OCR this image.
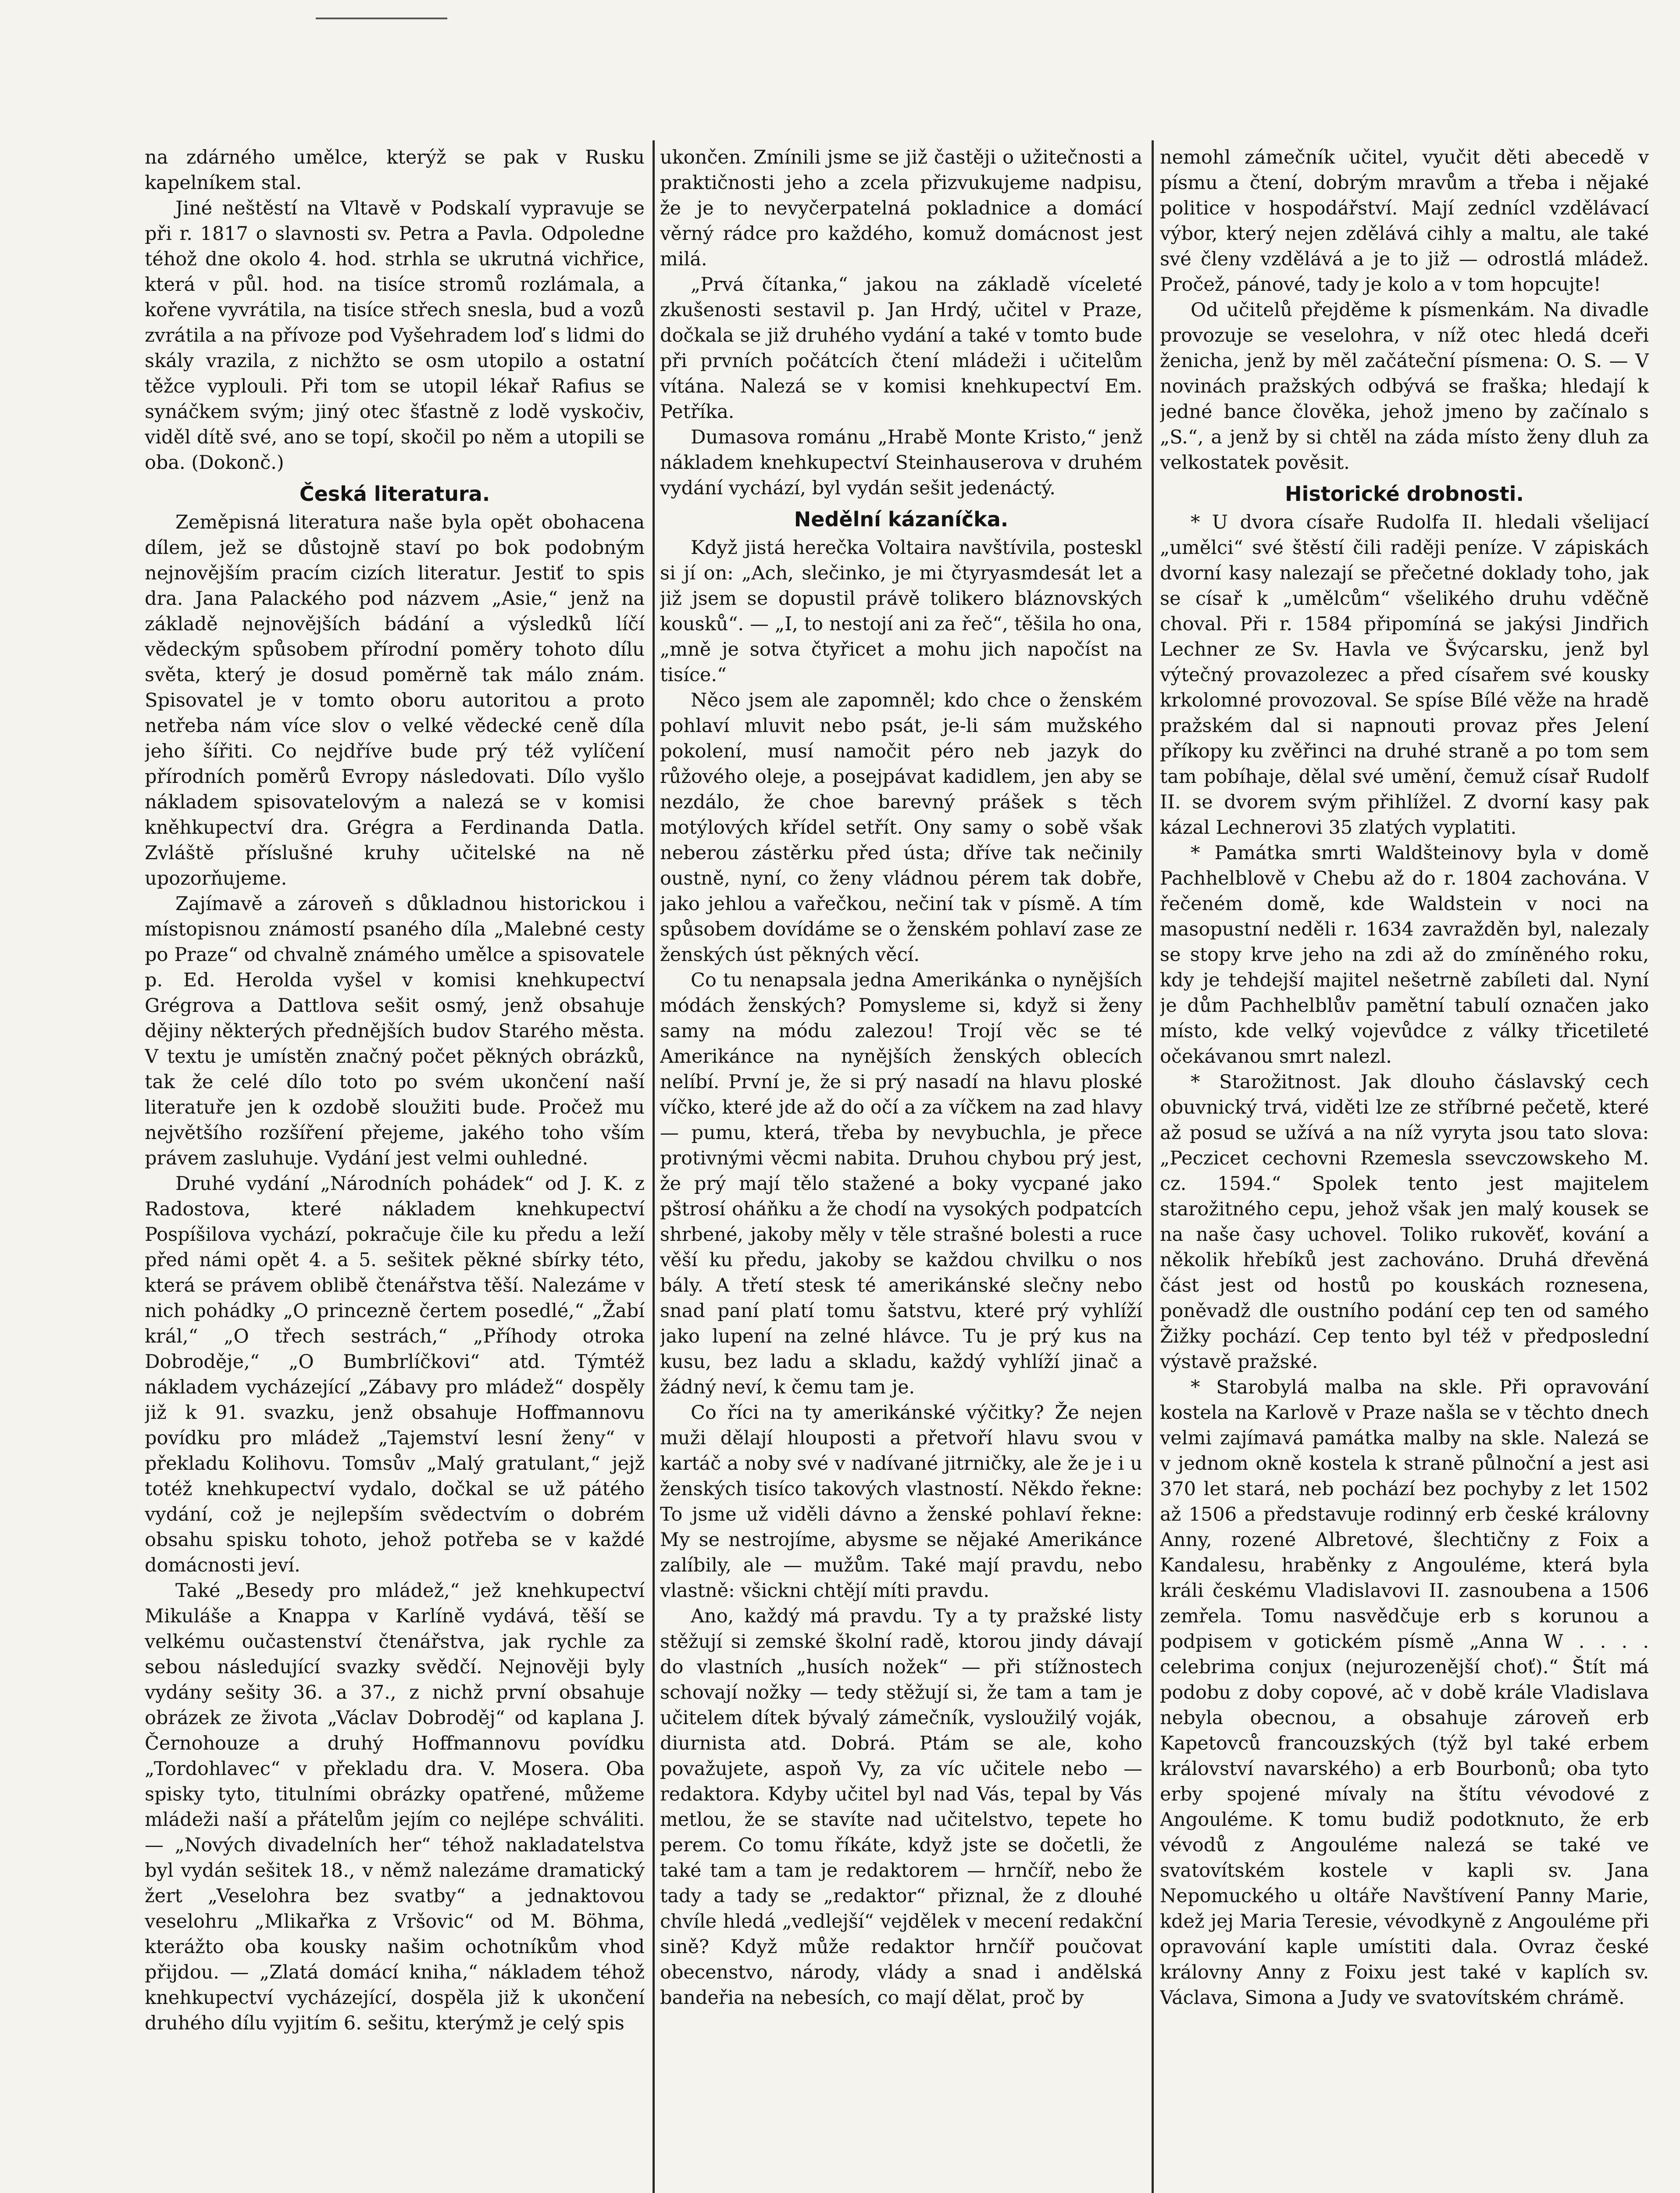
na zdárného umělce, kterýž se pak v Rusku kapelníkem stal.

Jiné neštěstí na Vltavě v Podskalí vypravuje se při r. 1817 o slavnosti sv. Petra a Pavla. Odpoledne téhož dne okolo 4. hod. strhla se ukrutná vichřice, která v půl. hod. na tisíce stromů rozlámala, a kořene vyvrátila, na tisíce střech snesla, bud a vozů zvrátila a na přívoze pod Vyšehradem loď s lidmi do skály vrazila, z nichžto se osm utopilo a ostatní těžce vyplouli. Při tom se utopil lékař Rafius se synáčkem svým; jiný otec šťastně z lodě vyskočiv, viděl dítě své, ano se topí, skočil po něm a utopili se oba. (Dokonč.)

Česká literatura.

Zeměpisná literatura naše byla opět obohacena dílem, jež se důstojně staví po bok podobným nejnovějším pracím cizích literatur. Jestiť to spis dra. Jana Palackého pod názvem „Asie,“ jenž na základě nejnovějších bádání a výsledků líčí vědeckým spůsobem přírodní poměry tohoto dílu světa, který je dosud poměrně tak málo znám. Spisovatel je v tomto oboru autoritou a proto netřeba nám více slov o velké vědecké ceně díla jeho šířiti. Co nejdříve bude prý též vylíčení přírodních poměrů Evropy následovati. Dílo vyšlo nákladem spisovatelovým a nalezá se v komisi kněhkupectví dra. Grégra a Ferdinanda Datla. Zvláště příslušné kruhy učitelské na ně upozorňujeme.

Zajímavě a zároveň s důkladnou historickou i místopisnou známostí psaného díla „Malebné cesty po Praze“ od chvalně známého umělce a spisovatele p. Ed. Herolda vyšel v komisi knehkupectví Grégrova a Dattlova sešit osmý, jenž obsahuje dějiny některých přednějších budov Starého města. V textu je umístěn značný počet pěkných obrázků, tak že celé dílo toto po svém ukončení naší literatuře jen k ozdobě sloužiti bude. Pročež mu největšího rozšíření přejeme, jakého toho vším právem zasluhuje. Vydání jest velmi ouhledné.

Druhé vydání „Národních pohádek“ od J. K. z Radostova, které nákladem knehkupectví Pospíšilova vychází, pokračuje čile ku předu a leží před námi opět 4. a 5. sešitek pěkné sbírky této, která se právem oblibě čtenářstva těší. Nalezáme v nich pohádky „O princezně čertem posedlé,“ „Žabí král,“ „O třech sestrách,“ „Příhody otroka Dobroděje,“ „O Bumbrlíčkovi“ atd. Týmtéž nákladem vycházející „Zábavy pro mládež“ dospěly již k 91. svazku, jenž obsahuje Hoffmannovu povídku pro mládež „Tajemství lesní ženy“ v překladu Kolihovu. Tomsův „Malý gratulant,“ jejž totéž knehkupectví vydalo, dočkal se už pátého vydání, což je nejlepším svědectvím o dobrém obsahu spisku tohoto, jehož potřeba se v každé domácnosti jeví.

Také „Besedy pro mládež,“ jež knehkupectví Mikuláše a Knappa v Karlíně vydává, těší se velkému oučastenství čtenářstva, jak rychle za sebou následující svazky svědčí. Nejnověji byly vydány sešity 36. a 37., z nichž první obsahuje obrázek ze života „Václav Dobroděj“ od kaplana J. Černohouze a druhý Hoffmannovu povídku „Tordohlavec“ v překladu dra. V. Mosera. Oba spisky tyto, titulními obrázky opatřené, můžeme mládeži naší a přátelům jejím co nejlépe schváliti. — „Nových divadelních her“ téhož nakladatelstva byl vydán sešitek 18., v němž nalezáme dramatický žert „Veselohra bez svatby“ a jednaktovou veselohru „Mlikařka z Vršovic“ od M. Böhma, kterážto oba kousky našim ochotníkům vhod přijdou. — „Zlatá domácí kniha,“ nákladem téhož knehkupectví vycházející, dospěla již k ukončení druhého dílu vyjitím 6. sešitu, kterýmž je celý spis

ukončen. Zmínili jsme se již častěji o užitečnosti a praktičnosti jeho a zcela přizvukujeme nadpisu, že je to nevyčerpatelná pokladnice a domácí věrný rádce pro každého, komuž domácnost jest milá.

„Prvá čítanka,“ jakou na základě víceleté zkušenosti sestavil p. Jan Hrdý, učitel v Praze, dočkala se již druhého vydání a také v tomto bude při prvních počátcích čtení mládeži i učitelům vítána. Nalezá se v komisi knehkupectví Em. Petříka.

Dumasova románu „Hrabě Monte Kristo,“ jenž nákladem knehkupectví Steinhauserova v druhém vydání vychází, byl vydán sešit jedenáctý.

Nedělní kázaníčka.

Když jistá herečka Voltaira navštívila, posteskl si jí on: „Ach, slečinko, je mi čtyryasmdesát let a již jsem se dopustil právě tolikero bláznovských kousků“. — „I, to nestojí ani za řeč“, těšila ho ona, „mně je sotva čtyřicet a mohu jich napočíst na tisíce.“

Něco jsem ale zapomněl; kdo chce o ženském pohlaví mluvit nebo psát, je-li sám mužského pokolení, musí namočit péro neb jazyk do růžového oleje, a posejpávat kadidlem, jen aby se nezdálo, že choe barevný prášek s těch motýlových křídel setřít. Ony samy o sobě však neberou zástěrku před ústa; dříve tak nečinily oustně, nyní, co ženy vládnou pérem tak dobře, jako jehlou a vařečkou, nečiní tak v písmě. A tím spůsobem dovídáme se o ženském pohlaví zase ze ženských úst pěkných věcí.

Co tu nenapsala jedna Amerikánka o nynějších módách ženských? Pomysleme si, když si ženy samy na módu zalezou! Trojí věc se té Amerikánce na nynějších ženských oblecích nelíbí. První je, že si prý nasadí na hlavu ploské víčko, které jde až do očí a za víčkem na zad hlavy — pumu, která, třeba by nevybuchla, je přece protivnými věcmi nabita. Druhou chybou prý jest, že prý mají tělo stažené a boky vycpané jako pštrosí oháňku a že chodí na vysokých podpatcích shrbené, jakoby měly v těle strašné bolesti a ruce věší ku předu, jakoby se každou chvilku o nos bály. A třetí stesk té amerikánské slečny nebo snad paní platí tomu šatstvu, které prý vyhlíží jako lupení na zelné hlávce. Tu je prý kus na kusu, bez ladu a skladu, každý vyhlíží jinač a žádný neví, k čemu tam je.

Co říci na ty amerikánské výčitky? Že nejen muži dělají hlouposti a přetvoří hlavu svou v kartáč a noby své v nadívané jitrničky, ale že je i u ženských tisíco takových vlastností. Někdo řekne: To jsme už viděli dávno a ženské pohlaví řekne: My se nestrojíme, abysme se nějaké Amerikánce zalíbily, ale — mužům. Také mají pravdu, nebo vlastně: všickni chtějí míti pravdu.

Ano, každý má pravdu. Ty a ty pražské listy stěžují si zemské školní radě, ktorou jindy dávají do vlastních „husích nožek“ — při stížnostech schovají nožky — tedy stěžují si, že tam a tam je učitelem dítek bývalý zámečník, vysloužilý voják, diurnista atd. Dobrá. Ptám se ale, koho považujete, aspoň Vy, za víc učitele nebo — redaktora. Kdyby učitel byl nad Vás, tepal by Vás metlou, že se stavíte nad učitelstvo, tepete ho perem. Co tomu říkáte, když jste se dočetli, že také tam a tam je redaktorem — hrnčíř, nebo že tady a tady se „redaktor“ přiznal, že z dlouhé chvíle hledá „vedlejší“ vejdělek v mecení redakční sině? Když může redaktor hrnčíř poučovat obecenstvo, národy, vlády a snad i andělská bandeřia na nebesích, co mají dělat, proč by

nemohl zámečník učitel, vyučit děti abecedě v písmu a čtení, dobrým mravům a třeba i nějaké politice v hospodářství. Mají zednícl vzdělávací výbor, který nejen zdělává cihly a maltu, ale také své členy vzdělává a je to již — odrostlá mládež. Pročež, pánové, tady je kolo a v tom hopcujte!

Od učitelů přejděme k písmenkám. Na divadle provozuje se veselohra, v níž otec hledá dceři ženicha, jenž by měl začáteční písmena: O. S. — V novinách pražských odbývá se fraška; hledají k jedné bance člověka, jehož jmeno by začínalo s „S.“, a jenž by si chtěl na záda místo ženy dluh za velkostatek pověsit.

Historické drobnosti.

* U dvora císaře Rudolfa II. hledali všelijací „umělci“ své štěstí čili raději peníze. V zápiskách dvorní kasy nalezají se přečetné doklady toho, jak se císař k „umělcům“ všelikého druhu vděčně choval. Při r. 1584 připomíná se jakýsi Jindřich Lechner ze Sv. Havla ve Švýcarsku, jenž byl výtečný provazolezec a před císařem své kousky krkolomné provozoval. Se spíse Bílé věže na hradě pražském dal si napnouti provaz přes Jelení příkopy ku zvěřinci na druhé straně a po tom sem tam pobíhaje, dělal své umění, čemuž císař Rudolf II. se dvorem svým přihlížel. Z dvorní kasy pak kázal Lechnerovi 35 zlatých vyplatiti.

* Památka smrti Waldšteinovy byla v domě Pachhelblově v Chebu až do r. 1804 zachována. V řečeném domě, kde Waldstein v noci na masopustní neděli r. 1634 zavražděn byl, nalezaly se stopy krve jeho na zdi až do zmíněného roku, kdy je tehdejší majitel nešetrně zabíleti dal. Nyní je dům Pachhelblův pamětní tabulí označen jako místo, kde velký vojevůdce z války třicetileté očekávanou smrt nalezl.

* Starožitnost. Jak dlouho čáslavský cech obuvnický trvá, viděti lze ze stříbrné pečetě, které až posud se užívá a na níž vyryta jsou tato slova: „Peczicet cechovni Rzemesla ssevczowskeho M. cz. 1594.“ Spolek tento jest majitelem starožitného cepu, jehož však jen malý kousek se na naše časy uchovel. Toliko rukověť, kování a několik hřebíků jest zachováno. Druhá dřevěná část jest od hostů po kouskách roznesena, poněvadž dle oustního podání cep ten od samého Žižky pochází. Cep tento byl též v předposlední výstavě pražské.

* Starobylá malba na skle. Při opravování kostela na Karlově v Praze našla se v těchto dnech velmi zajímavá památka malby na skle. Nalezá se v jednom okně kostela k straně půlnoční a jest asi 370 let stará, neb pochází bez pochyby z let 1502 až 1506 a představuje rodinný erb české královny Anny, rozené Albretové, šlechtičny z Foix a Kandalesu, hraběnky z Angouléme, která byla králi českému Vladislavovi II. zasnoubena a 1506 zemřela. Tomu nasvědčuje erb s korunou a podpisem v gotickém písmě „Anna W . . . . celebrima conjux (nejurozenější choť).“ Štít má podobu z doby copové, ač v době krále Vladislava nebyla obecnou, a obsahuje zároveň erb Kapetovců francouzských (týž byl také erbem království navarského) a erb Bourbonů; oba tyto erby spojené mívaly na štítu vévodové z Angouléme. K tomu budiž podotknuto, že erb vévodů z Angouléme nalezá se také ve svatovítském kostele v kapli sv. Jana Nepomuckého u oltáře Navštívení Panny Marie, kdež jej Maria Teresie, vévodkyně z Angouléme při opravování kaple umístiti dala. Ovraz české královny Anny z Foixu jest také v kaplích sv. Václava, Simona a Judy ve svatovítském chrámě.
